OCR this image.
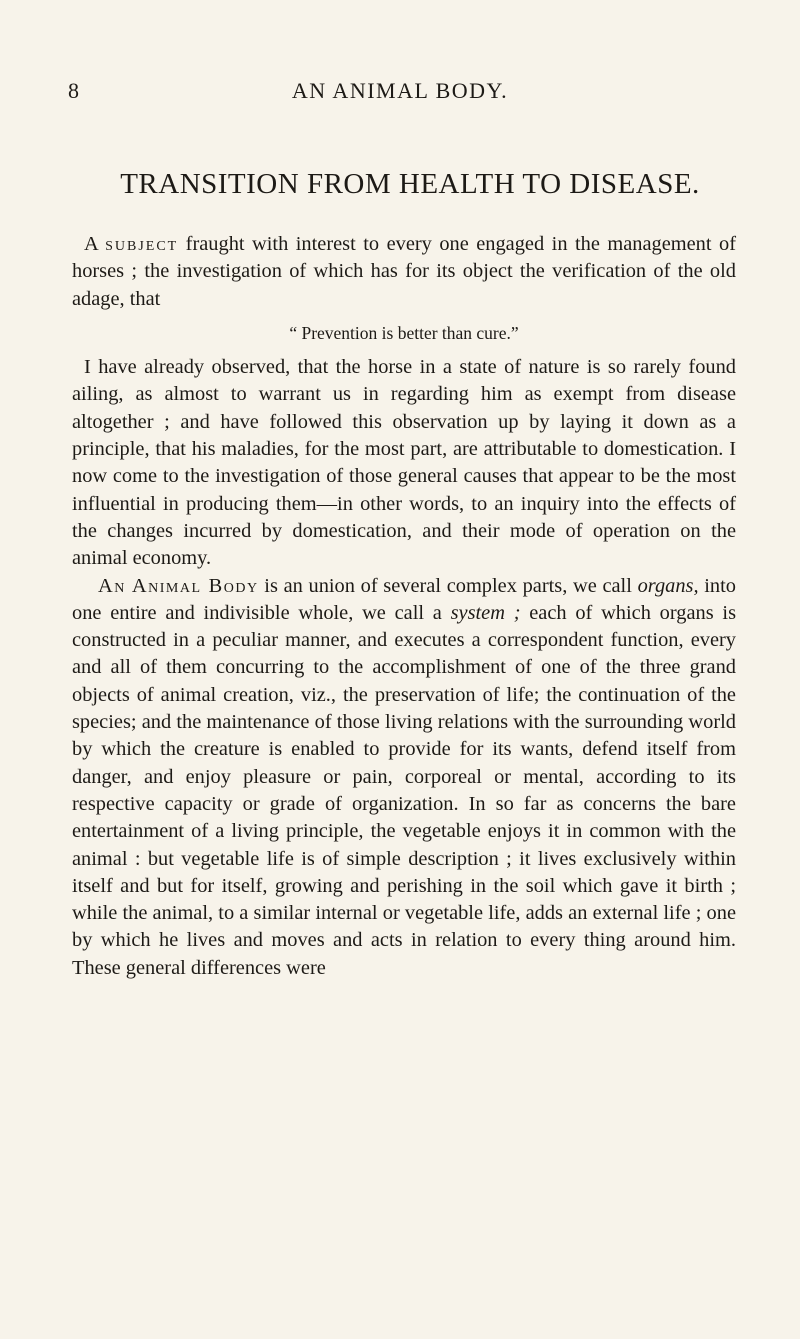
8	AN ANIMAL BODY.
TRANSITION FROM HEALTH TO DISEASE.

A subject fraught with interest to every one engaged in the management of horses ; the investigation of which has for its object the verification of the old adage, that

“ Prevention is better than cure.”

I have already observed, that the horse in a state of nature is so rarely found ailing, as almost to warrant us in regarding him as exempt from disease altogether ; and have followed this observation up by laying it down as a principle, that his maladies, for the most part, are attributable to domestication. I now come to the investigation of those general causes that appear to be the most influential in producing them—in other words, to an inquiry into the effects of the changes incurred by domestication, and their mode of operation on the animal economy.

An Animal Body is an union of several complex parts, we call organs, into one entire and indivisible whole, we call a system ; each of which organs is constructed in a peculiar manner, and executes a correspondent function, every and all of them concurring to the accomplishment of one of the three grand objects of animal creation, viz., the preservation of life; the continuation of the species; and the maintenance of those living relations with the surrounding world by which the creature is enabled to provide for its wants, defend itself from danger, and enjoy pleasure or pain, corporeal or mental, according to its respective capacity or grade of organization. In so far as concerns the bare entertainment of a living principle, the vegetable enjoys it in common with the animal : but vegetable life is of simple description ; it lives exclusively within itself and but for itself, growing and perishing in the soil which gave it birth ; while the animal, to a similar internal or vegetable life, adds an external life ; one by which he lives and moves and acts in relation to every thing around him. These general differences were
